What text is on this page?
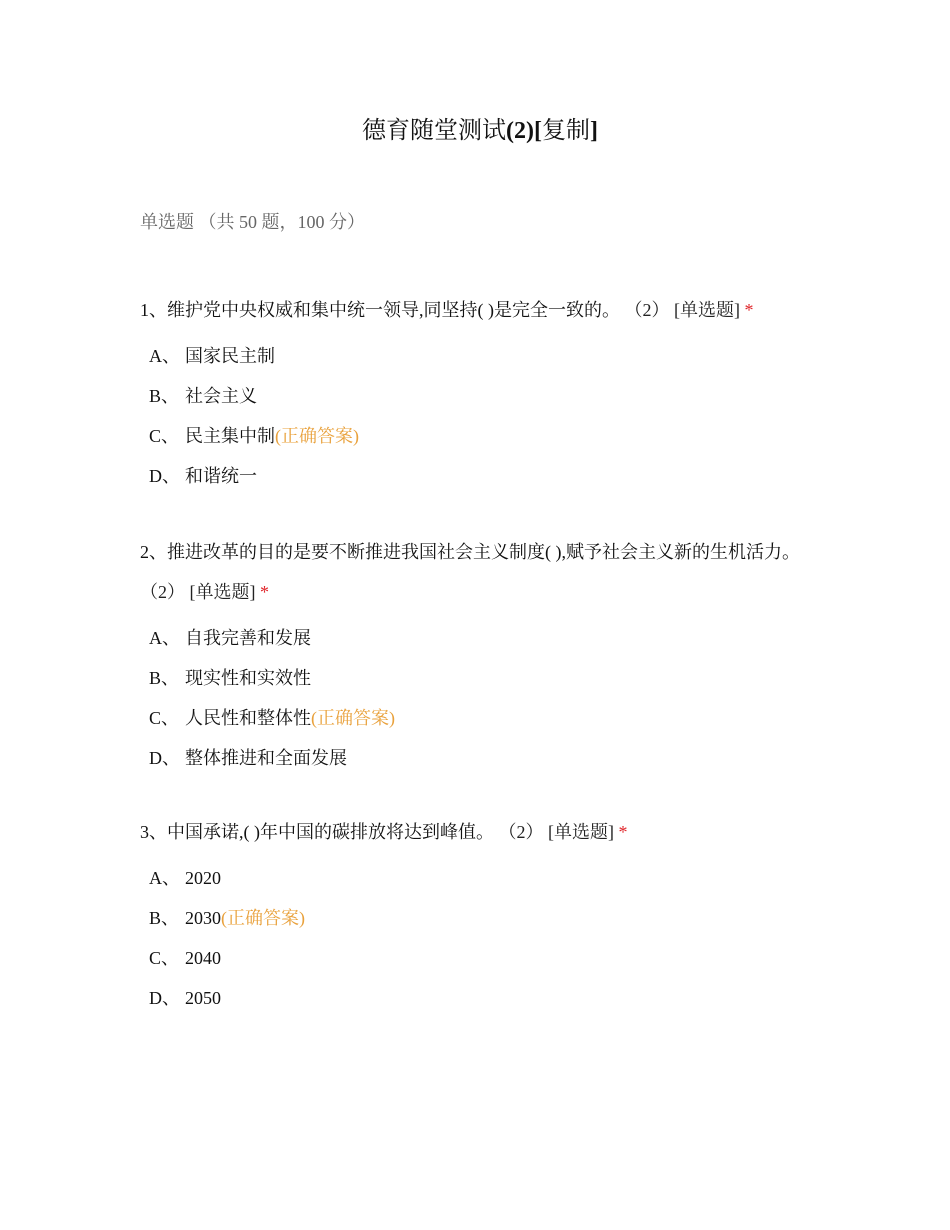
德育随堂测试(2)[复制]
单选题 （共 50 题，100 分）

1、维护党中央权威和集中统一领导,同坚持( )是完全一致的。 （2） [单选题] *

A、 国家民主制
B、 社会主义
C、 民主集中制(正确答案)
D、 和谐统一

2、推进改革的目的是要不断推进我国社会主义制度( ),赋予社会主义新的生机活力。 （2） [单选题] *

A、 自我完善和发展
B、 现实性和实效性
C、 人民性和整体性(正确答案)
D、 整体推进和全面发展

3、中国承诺,( )年中国的碳排放将达到峰值。 （2） [单选题] *

A、 2020
B、 2030(正确答案)
C、 2040
D、 2050
